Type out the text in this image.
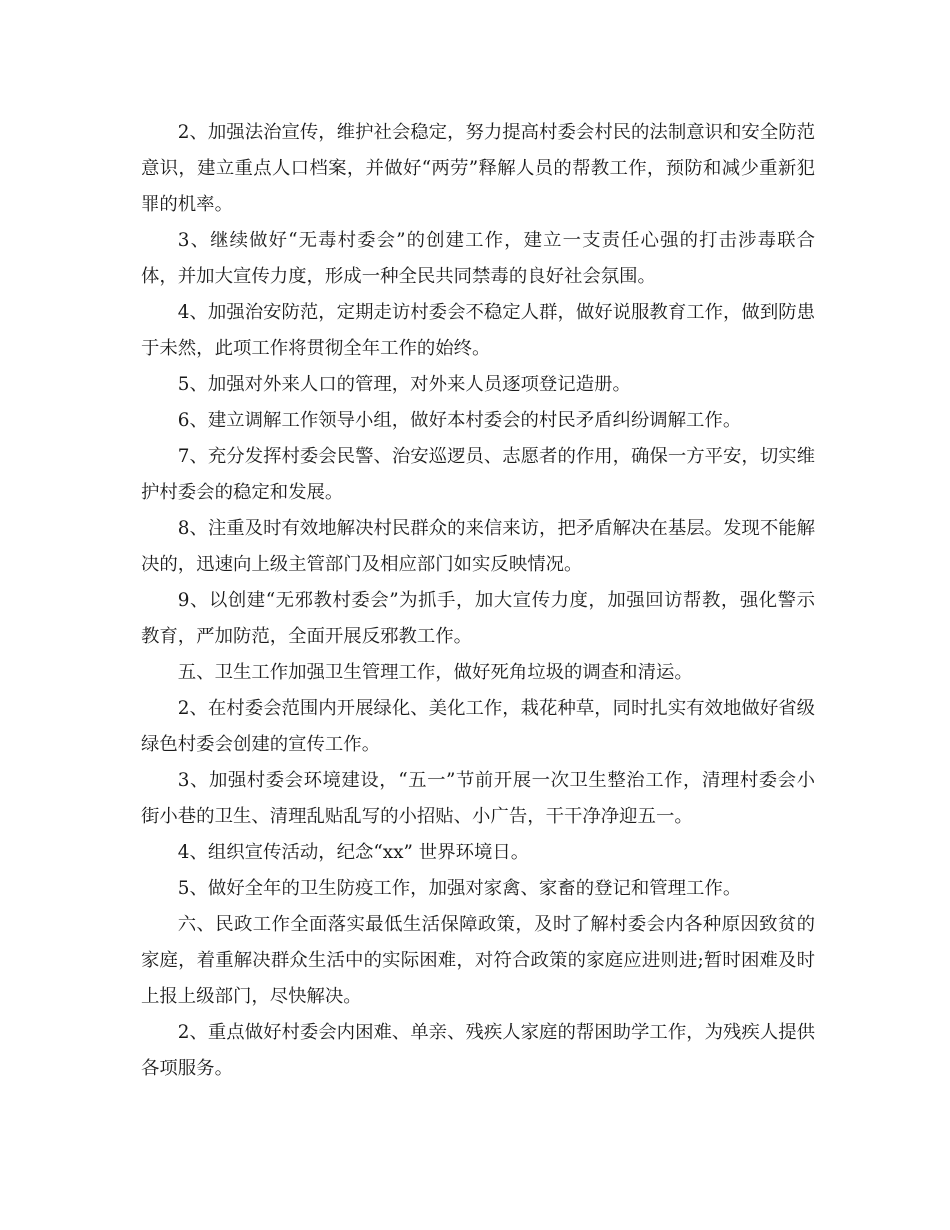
2、加强法治宣传，维护社会稳定，努力提高村委会村民的法制意识和安全防范意识，建立重点人口档案，并做好“两劳”释解人员的帮教工作，预防和减少重新犯罪的机率。

3、继续做好“无毒村委会”的创建工作，建立一支责任心强的打击涉毒联合体，并加大宣传力度，形成一种全民共同禁毒的良好社会氛围。

4、加强治安防范，定期走访村委会不稳定人群，做好说服教育工作，做到防患于未然，此项工作将贯彻全年工作的始终。

5、加强对外来人口的管理，对外来人员逐项登记造册。

6、建立调解工作领导小组，做好本村委会的村民矛盾纠纷调解工作。

7、充分发挥村委会民警、治安巡逻员、志愿者的作用，确保一方平安，切实维护村委会的稳定和发展。

8、注重及时有效地解决村民群众的来信来访，把矛盾解决在基层。发现不能解决的，迅速向上级主管部门及相应部门如实反映情况。

9、以创建“无邪教村委会”为抓手，加大宣传力度，加强回访帮教，强化警示教育，严加防范，全面开展反邪教工作。

五、卫生工作加强卫生管理工作，做好死角垃圾的调查和清运。

2、在村委会范围内开展绿化、美化工作，栽花种草，同时扎实有效地做好省级绿色村委会创建的宣传工作。

3、加强村委会环境建设，“五一”节前开展一次卫生整治工作，清理村委会小街小巷的卫生、清理乱贴乱写的小招贴、小广告，干干净净迎五一。

4、组织宣传活动，纪念“xx” 世界环境日。

5、做好全年的卫生防疫工作，加强对家禽、家畜的登记和管理工作。

六、民政工作全面落实最低生活保障政策，及时了解村委会内各种原因致贫的家庭，着重解决群众生活中的实际困难，对符合政策的家庭应进则进;暂时困难及时上报上级部门，尽快解决。

2、重点做好村委会内困难、单亲、残疾人家庭的帮困助学工作，为残疾人提供各项服务。
